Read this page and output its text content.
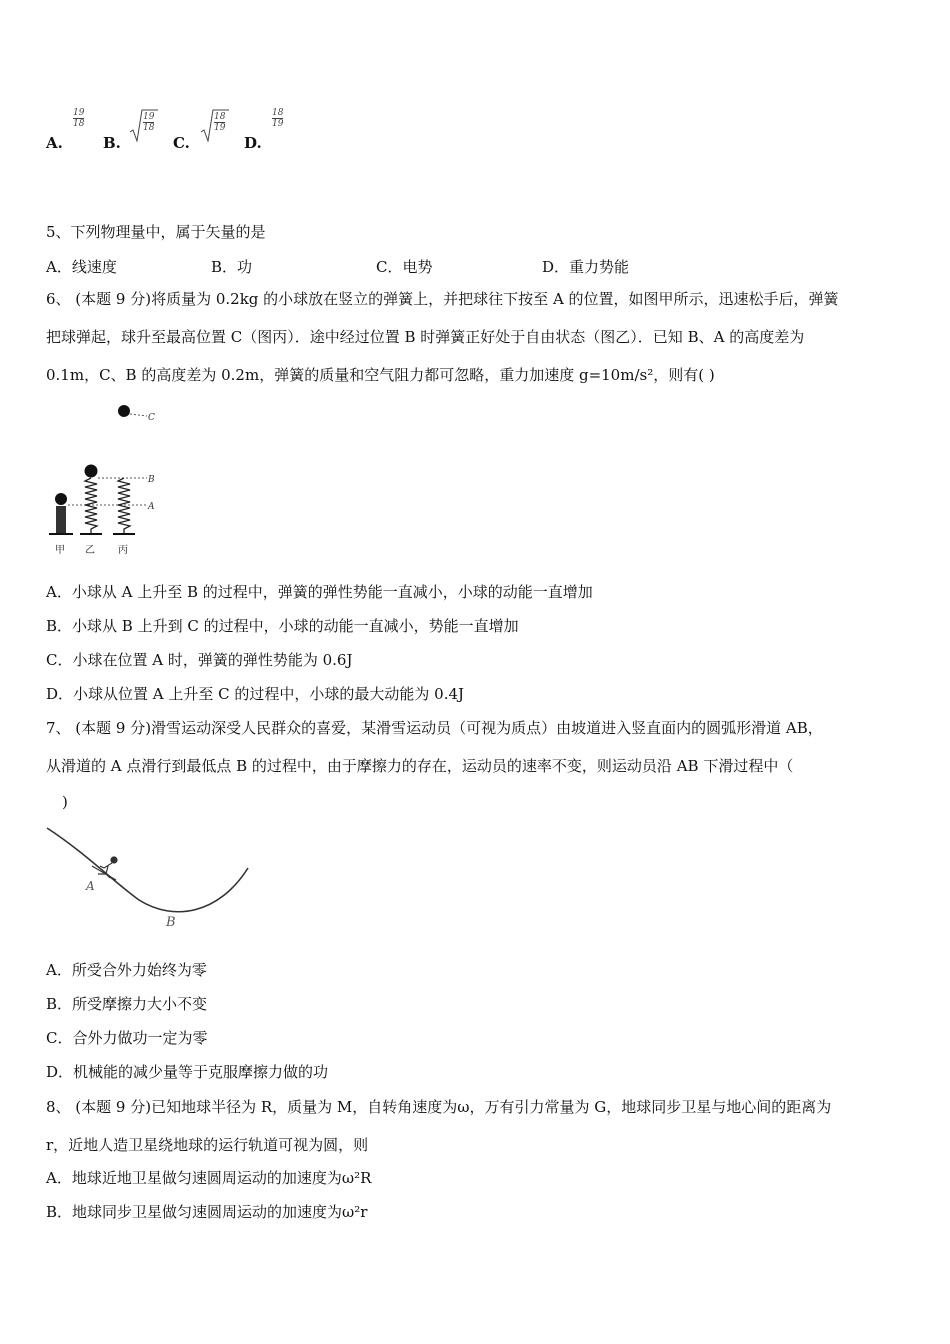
A.
$\frac{19}{18}$
B.
$\frac{19}{18}$
C.
$\frac{18}{19}$
D.
$\frac{18}{19}$
5、下列物理量中，属于矢量的是
A．线速度	B．功	C．电势	D．重力势能
6、 (本题 9 分)将质量为 0.2kg 的小球放在竖立的弹簧上，并把球往下按至 A 的位置，如图甲所示，迅速松手后，弹簧
把球弹起，球升至最高位置 C（图丙）．途中经过位置 B 时弹簧正好处于自由状态（图乙）．已知 B、A 的高度差为
0.1m，C、B 的高度差为 0.2m，弹簧的质量和空气阻力都可忽略，重力加速度 g=10m/s²，则有( )
C
B
A
甲 乙 丙
A．小球从 A 上升至 B 的过程中，弹簧的弹性势能一直减小，小球的动能一直增加
B．小球从 B 上升到 C 的过程中，小球的动能一直减小，势能一直增加
C．小球在位置 A 时，弹簧的弹性势能为 0.6J
D．小球从位置 A 上升至 C 的过程中，小球的最大动能为 0.4J
7、 (本题 9 分)滑雪运动深受人民群众的喜爱，某滑雪运动员（可视为质点）由坡道进入竖直面内的圆弧形滑道 AB，
从滑道的 A 点滑行到最低点 B 的过程中，由于摩擦力的存在，运动员的速率不变，则运动员沿 AB 下滑过程中（
)
A
B
A．所受合外力始终为零
B．所受摩擦力大小不变
C．合外力做功一定为零
D．机械能的减少量等于克服摩擦力做的功
8、 (本题 9 分)已知地球半径为 R，质量为 M，自转角速度为ω，万有引力常量为 G，地球同步卫星与地心间的距离为
r，近地人造卫星绕地球的运行轨道可视为圆，则
A．地球近地卫星做匀速圆周运动的加速度为ω²R
B．地球同步卫星做匀速圆周运动的加速度为ω²r
